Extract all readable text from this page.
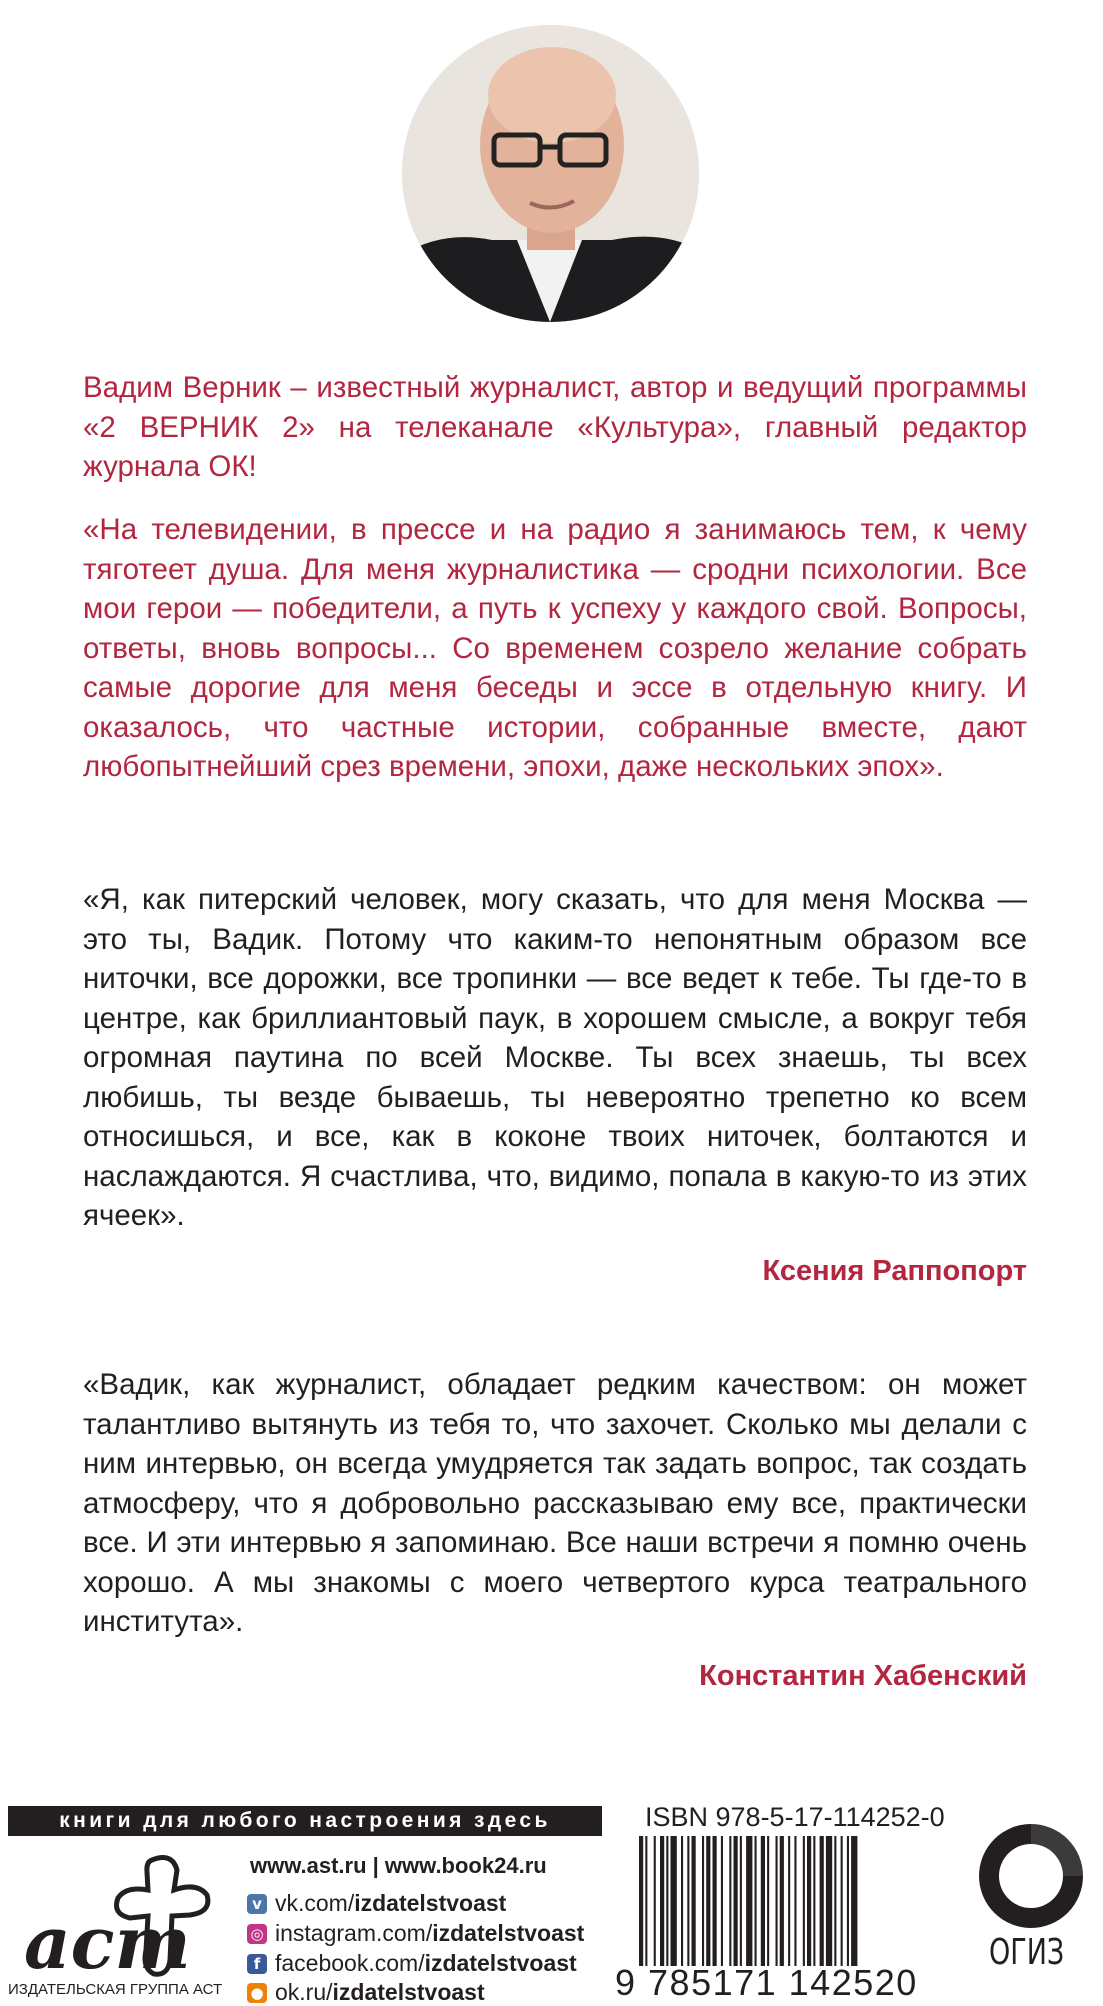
Вадим Верник – известный журналист, автор и ведущий программы «2 ВЕРНИК 2» на телеканале «Культура», главный редактор журнала ОК!

«На телевидении, в прессе и на радио я занимаюсь тем, к чему тяготеет душа. Для меня журналистика — сродни психологии. Все мои герои — победители, а путь к успеху у каждого свой. Вопросы, ответы, вновь вопросы... Со временем созрело желание собрать самые дорогие для меня беседы и эссе в отдельную книгу. И оказалось, что частные истории, собранные вместе, дают любопытнейший срез времени, эпохи, даже нескольких эпох».

«Я, как питерский человек, могу сказать, что для меня Москва — это ты, Вадик. Потому что каким-то непонятным образом все ниточки, все дорожки, все тропинки — все ведет к тебе. Ты где-то в центре, как бриллиантовый паук, в хорошем смысле, а вокруг тебя огромная паутина по всей Москве. Ты всех знаешь, ты всех любишь, ты везде бываешь, ты невероятно трепетно ко всем относишься, и все, как в коконе твоих ниточек, болтаются и наслаждаются. Я счастлива, что, видимо, попала в какую-то из этих ячеек».

Ксения Раппопорт

«Вадик, как журналист, обладает редким качеством: он может талантливо вытянуть из тебя то, что захочет. Сколько мы делали с ним интервью, он всегда умудряется так задать вопрос, так создать атмосферу, что я добровольно рассказываю ему все, практически все. И эти интервью я запоминаю. Все наши встречи я помню очень хорошо. А мы знакомы с моего четвертого курса театрального института».

Константин Хабенский
книги для любого настроения здесь
аст
ИЗДАТЕЛЬСКАЯ ГРУППА АСТ
www.ast.ru | www.book24.ru
v vk.com/ izdatelstvoast
◎ instagram.com/ izdatelstvoast
f facebook.com/ izdatelstvoast
● ok.ru/ izdatelstvoast
ISBN 978-5-17-114252-0
9 785171 142520
ОГИЗ
